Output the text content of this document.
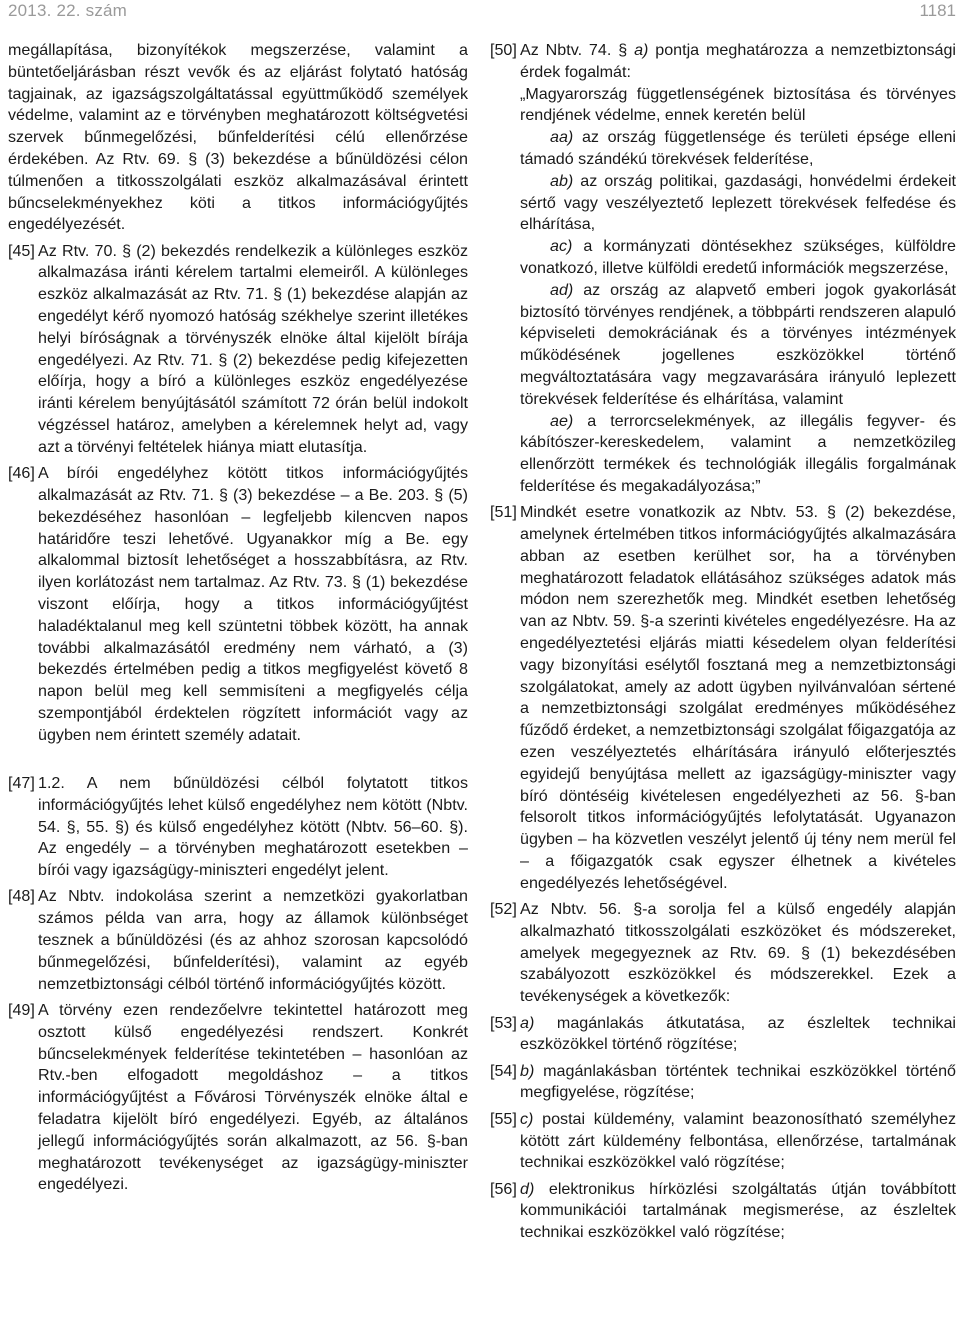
2013. 22. szám	1181
megállapítása, bizonyítékok megszerzése, valamint a büntetőeljárásban részt vevők és az eljárást folytató hatóság tagjainak, az igazságszolgáltatással együttműködő személyek védelme, valamint az e törvényben meghatározott költségvetési szervek bűnmegelőzési, bűnfelderítési célú ellenőrzése érdekében. Az Rtv. 69. § (3) bekezdése a bűnüldözési célon túlmenően a titkosszolgálati eszköz alkalmazásával érintett bűncselekményekhez köti a titkos információgyűjtés engedélyezését.
[45] Az Rtv. 70. § (2) bekezdés rendelkezik a különleges eszköz alkalmazása iránti kérelem tartalmi elemeiről. A különleges eszköz alkalmazását az Rtv. 71. § (1) bekezdése alapján az engedélyt kérő nyomozó hatóság székhelye szerint illetékes helyi bíróságnak a törvényszék elnöke által kijelölt bírája engedélyezi. Az Rtv. 71. § (2) bekezdése pedig kifejezetten előírja, hogy a bíró a különleges eszköz engedélyezése iránti kérelem benyújtásától számított 72 órán belül indokolt végzéssel határoz, amelyben a kérelemnek helyt ad, vagy azt a törvényi feltételek hiánya miatt elutasítja.
[46] A bírói engedélyhez kötött titkos információgyűjtés alkalmazását az Rtv. 71. § (3) bekezdése – a Be. 203. § (5) bekezdéséhez hasonlóan – legfeljebb kilencven napos határidőre teszi lehetővé. Ugyanakkor míg a Be. egy alkalommal biztosít lehetőséget a hosszabbításra, az Rtv. ilyen korlátozást nem tartalmaz. Az Rtv. 73. § (1) bekezdése viszont előírja, hogy a titkos információgyűjtést haladéktalanul meg kell szüntetni többek között, ha annak további alkalmazásától eredmény nem várható, a (3) bekezdés értelmében pedig a titkos megfigyelést követő 8 napon belül meg kell semmisíteni a megfigyelés célja szempontjából érdektelen rögzített információt vagy az ügyben nem érintett személy adatait.
[47] 1.2. A nem bűnüldözési célból folytatott titkos információgyűjtés lehet külső engedélyhez nem kötött (Nbtv. 54. §, 55. §) és külső engedélyhez kötött (Nbtv. 56–60. §). Az engedély – a törvényben meghatározott esetekben – bírói vagy igazságügy-miniszteri engedélyt jelent.
[48] Az Nbtv. indokolása szerint a nemzetközi gyakorlatban számos példa van arra, hogy az államok különbséget tesznek a bűnüldözési (és az ahhoz szorosan kapcsolódó bűnmegelőzési, bűnfelderítési), valamint az egyéb nemzetbiztonsági célból történő információgyűjtés között.
[49] A törvény ezen rendezőelvre tekintettel határozott meg osztott külső engedélyezési rendszert. Konkrét bűncselekmények felderítése tekintetében – hasonlóan az Rtv.-ben elfogadott megoldáshoz – a titkos információgyűjtést a Fővárosi Törvényszék elnöke által e feladatra kijelölt bíró engedélyezi. Egyéb, az általános jellegű információgyűjtés során alkalmazott, az 56. §-ban meghatározott tevékenységet az igazságügy-miniszter engedélyezi.
[50] Az Nbtv. 74. § a) pontja meghatározza a nemzetbiztonsági érdek fogalmát:

„Magyarország függetlenségének biztosítása és törvényes rendjének védelme, ennek keretén belül

aa) az ország függetlensége és területi épsége elleni támadó szándékú törekvések felderítése,

ab) az ország politikai, gazdasági, honvédelmi érdekeit sértő vagy veszélyeztető leplezett törekvések felfedése és elhárítása,

ac) a kormányzati döntésekhez szükséges, külföldre vonatkozó, illetve külföldi eredetű információk megszerzése,

ad) az ország az alapvető emberi jogok gyakorlását biztosító törvényes rendjének, a többpárti rendszeren alapuló képviseleti demokráciának és a törvényes intézmények működésének jogellenes eszközökkel történő megváltoztatására vagy megzavarására irányuló leplezett törekvések felderítése és elhárítása, valamint

ae) a terrorcselekmények, az illegális fegyver- és kábítószer-kereskedelem, valamint a nemzetközileg ellenőrzött termékek és technológiák illegális forgalmának felderítése és megakadályozása;”

[51] Mindkét esetre vonatkozik az Nbtv. 53. § (2) bekezdése, amelynek értelmében titkos információgyűjtés alkalmazására abban az esetben kerülhet sor, ha a törvényben meghatározott feladatok ellátásához szükséges adatok más módon nem szerezhetők meg. Mindkét esetben lehetőség van az Nbtv. 59. §-a szerinti kivételes engedélyezésre. Ha az engedélyeztetési eljárás miatti késedelem olyan felderítési vagy bizonyítási esélytől fosztaná meg a nemzetbiztonsági szolgálatokat, amely az adott ügyben nyilvánvalóan sértené a nemzetbiztonsági szolgálat eredményes működéséhez fűződő érdeket, a nemzetbiztonsági szolgálat főigazgatója az ezen veszélyeztetés elhárítására irányuló előterjesztés egyidejű benyújtása mellett az igazságügy-miniszter vagy bíró döntéséig kivételesen engedélyezheti az 56. §-ban felsorolt titkos információgyűjtés lefolytatását. Ugyanazon ügyben – ha közvetlen veszélyt jelentő új tény nem merül fel – a főigazgatók csak egyszer élhetnek a kivételes engedélyezés lehetőségével.
[52] Az Nbtv. 56. §-a sorolja fel a külső engedély alapján alkalmazható titkosszolgálati eszközöket és módszereket, amelyek megegyeznek az Rtv. 69. § (1) bekezdésében szabályozott eszközökkel és módszerekkel. Ezek a tevékenységek a következők:
[53] a) magánlakás átkutatása, az észleltek technikai eszközökkel történő rögzítése;
[54] b) magánlakásban történtek technikai eszközökkel történő megfigyelése, rögzítése;
[55] c) postai küldemény, valamint beazonosítható személyhez kötött zárt küldemény felbontása, ellenőrzése, tartalmának technikai eszközökkel való rögzítése;
[56] d) elektronikus hírközlési szolgáltatás útján továbbított kommunikációi tartalmának megismerése, az észleltek technikai eszközökkel való rögzítése;
